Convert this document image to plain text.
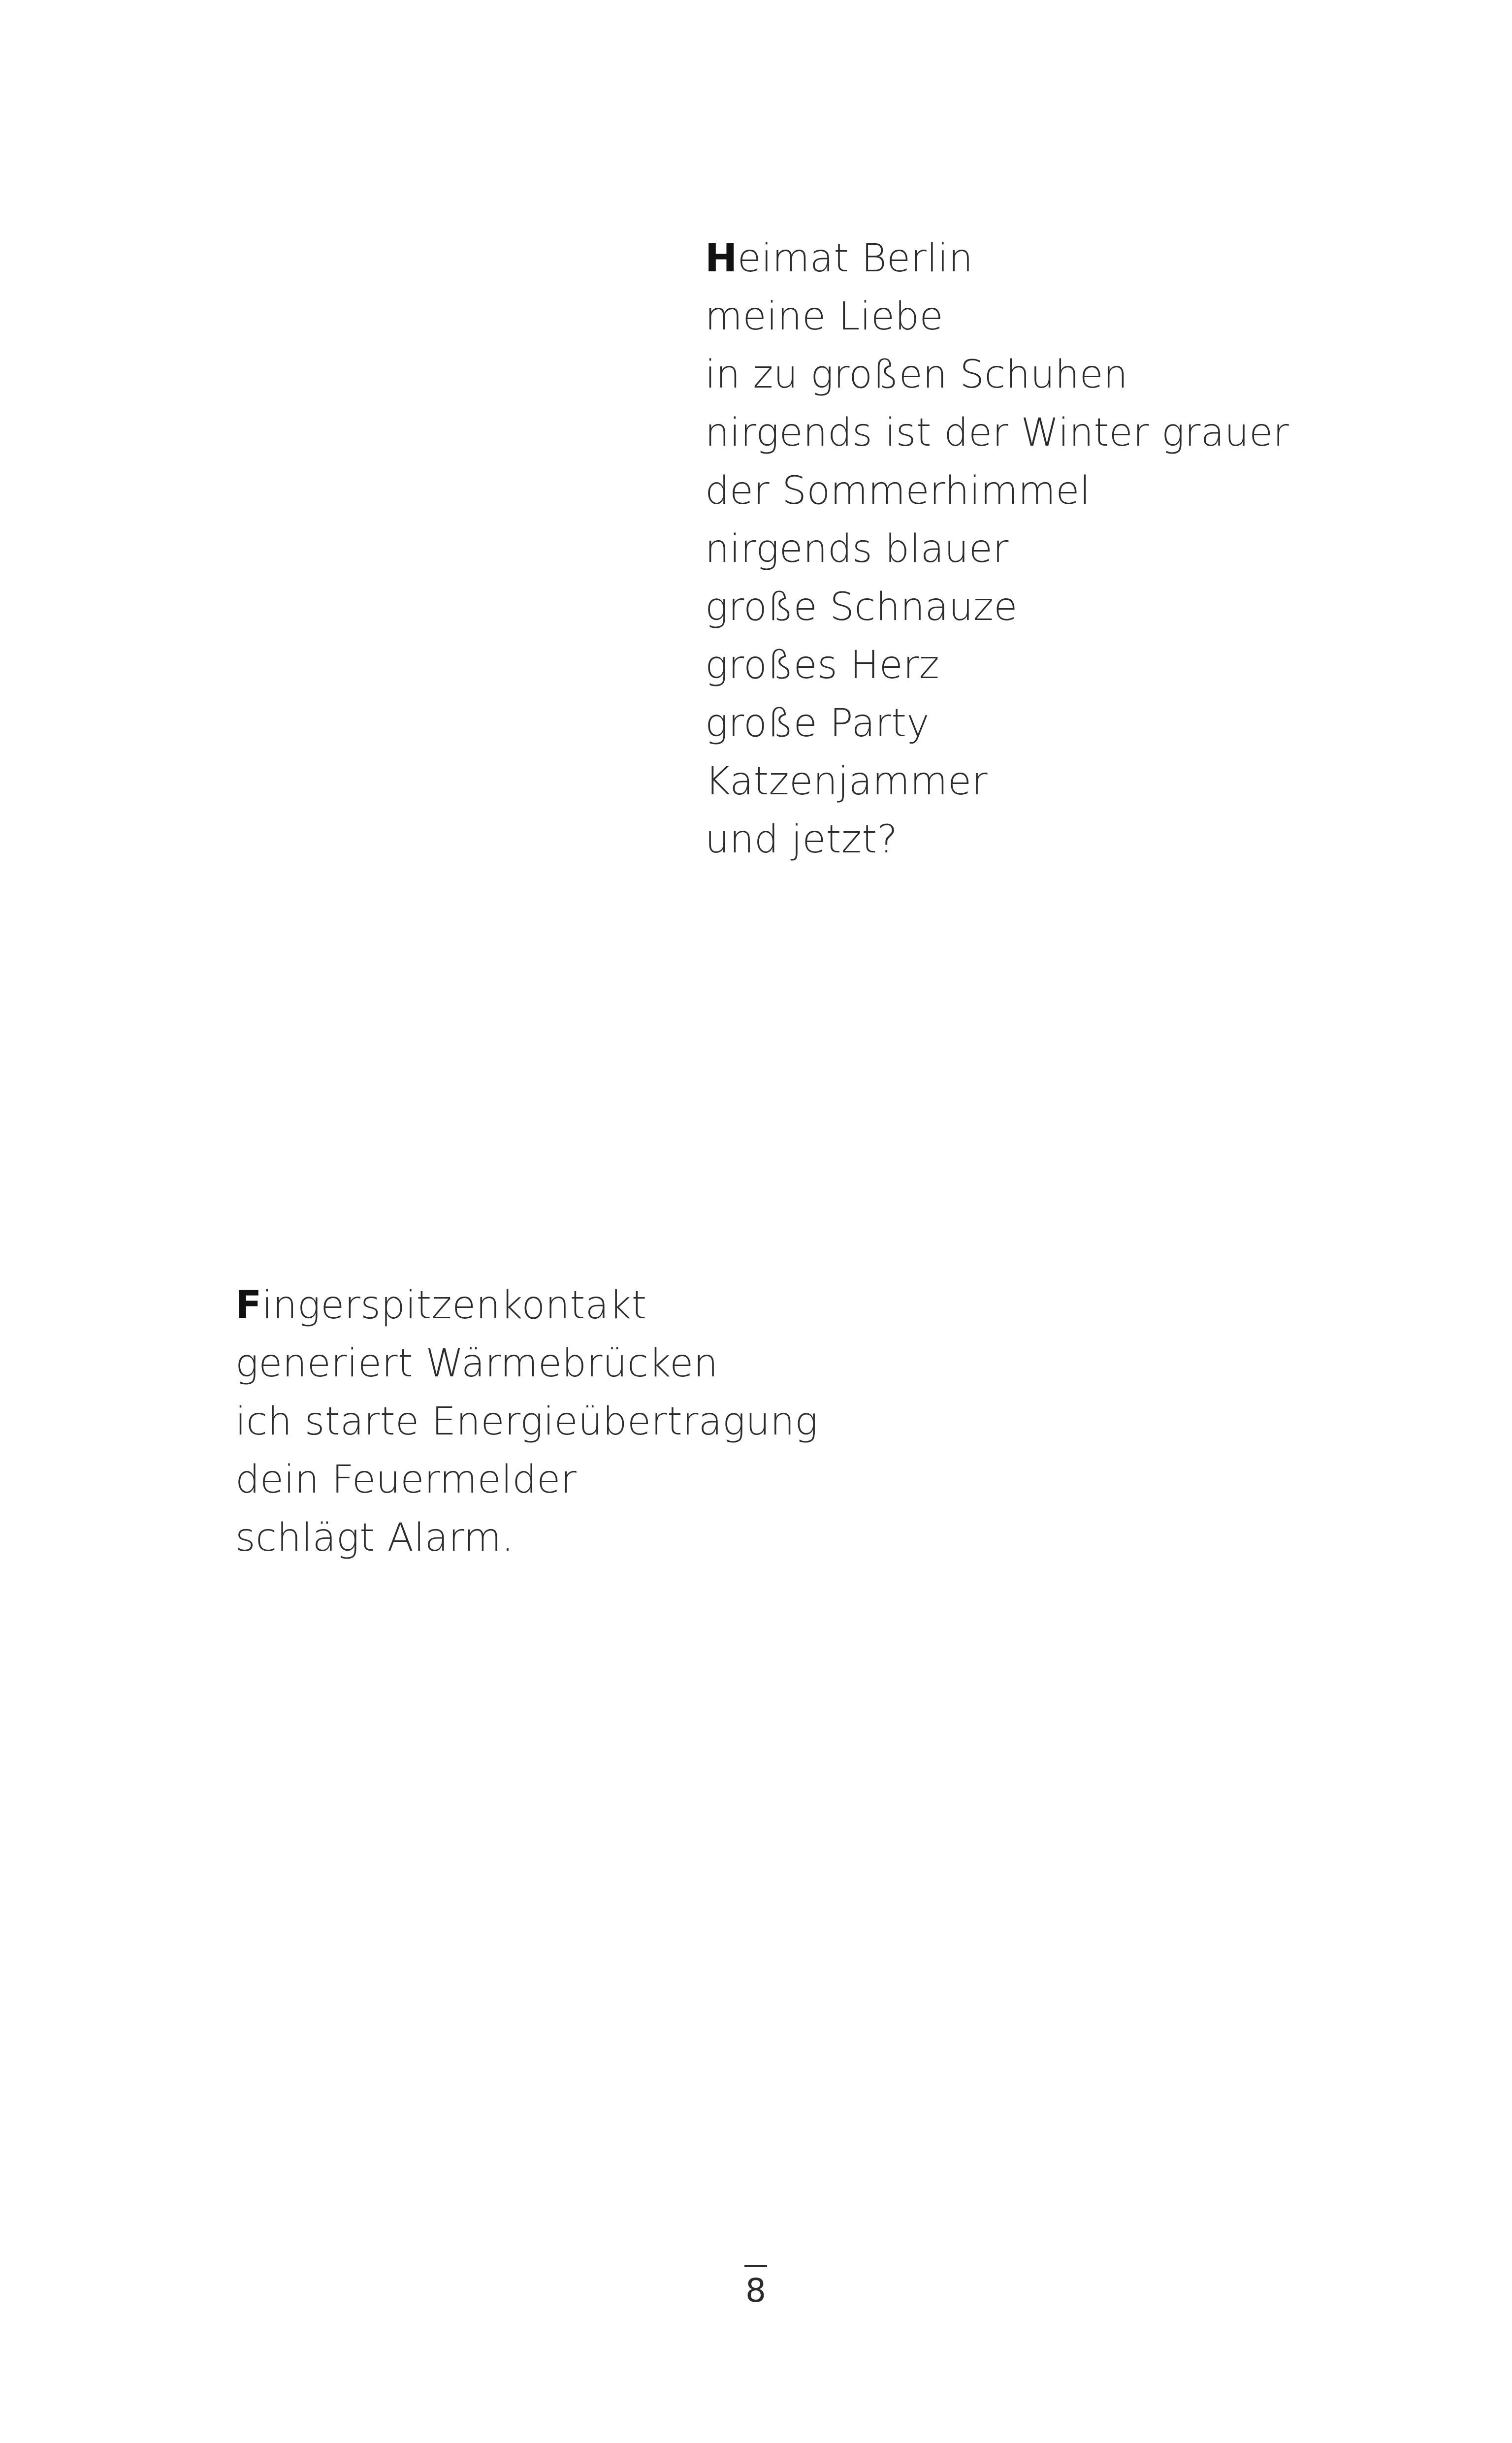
Heimat Berlin
meine Liebe
in zu großen Schuhen
nirgends ist der Winter grauer
der Sommerhimmel
nirgends blauer
große Schnauze
großes Herz
große Party
Katzenjammer
und jetzt?
Fingerspitzenkontakt
generiert Wärmebrücken
ich starte Energieübertragung
dein Feuermelder
schlägt Alarm.
8
